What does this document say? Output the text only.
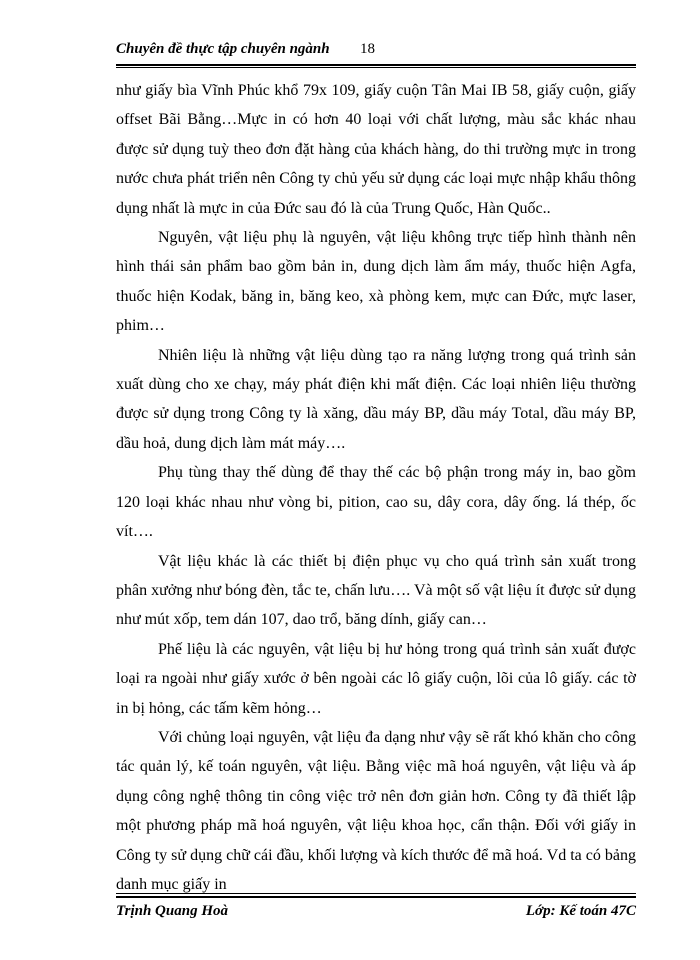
Chuyên đề thực tập chuyên ngành 18

như giấy bìa Vĩnh Phúc khổ 79x 109, giấy cuộn Tân Mai IB 58, giấy cuộn, giấy offset Bãi Bằng…Mực in có hơn 40 loại với chất lượng, màu sắc khác nhau được sử dụng tuỳ theo đơn đặt hàng của khách hàng, do thi trường mực in trong nước chưa phát triển nên Công ty chủ yếu sử dụng các loại mực nhập khẩu thông dụng nhất là mực in của Đức sau đó là của Trung Quốc, Hàn Quốc..

Nguyên, vật liệu phụ là nguyên, vật liệu không trực tiếp hình thành nên hình thái sản phẩm bao gồm bản in, dung dịch làm ẩm máy, thuốc hiện Agfa, thuốc hiện Kodak, băng in, băng keo, xà phòng kem, mực can Đức, mực laser, phim…

Nhiên liệu là những vật liệu dùng tạo ra năng lượng trong quá trình sản xuất dùng cho xe chạy, máy phát điện khi mất điện. Các loại nhiên liệu thường được sử dụng trong Công ty là xăng, dầu máy BP, dầu máy Total, dầu máy BP, dầu hoả, dung dịch làm mát máy….

Phụ tùng thay thế dùng để thay thế các bộ phận trong máy in, bao gồm 120 loại khác nhau như vòng bi, pition, cao su, dây cora, dây ống. lá thép, ốc vít….

Vật liệu khác là các thiết bị điện phục vụ cho quá trình sản xuất trong phân xưởng như bóng đèn, tắc te, chấn lưu…. Và một số vật liệu ít được sử dụng như mút xốp, tem dán 107, dao trổ, băng dính, giấy can…

Phế liệu là các nguyên, vật liệu bị hư hỏng trong quá trình sản xuất được loại ra ngoài như giấy xước ở bên ngoài các lô giấy cuộn, lõi của lô giấy. các tờ in bị hỏng, các tấm kẽm hỏng…

Với chủng loại nguyên, vật liệu đa dạng như vậy sẽ rất khó khăn cho công tác quản lý, kế toán nguyên, vật liệu. Bằng việc mã hoá nguyên, vật liệu và áp dụng công nghệ thông tin công việc trở nên đơn giản hơn. Công ty đã thiết lập một phương pháp mã hoá nguyên, vật liệu khoa học, cẩn thận. Đối với giấy in Công ty sử dụng chữ cái đầu, khối lượng và kích thước để mã hoá. Vd ta có bảng danh mục giấy in

Trịnh Quang Hoà	Lớp: Kế toán 47C
